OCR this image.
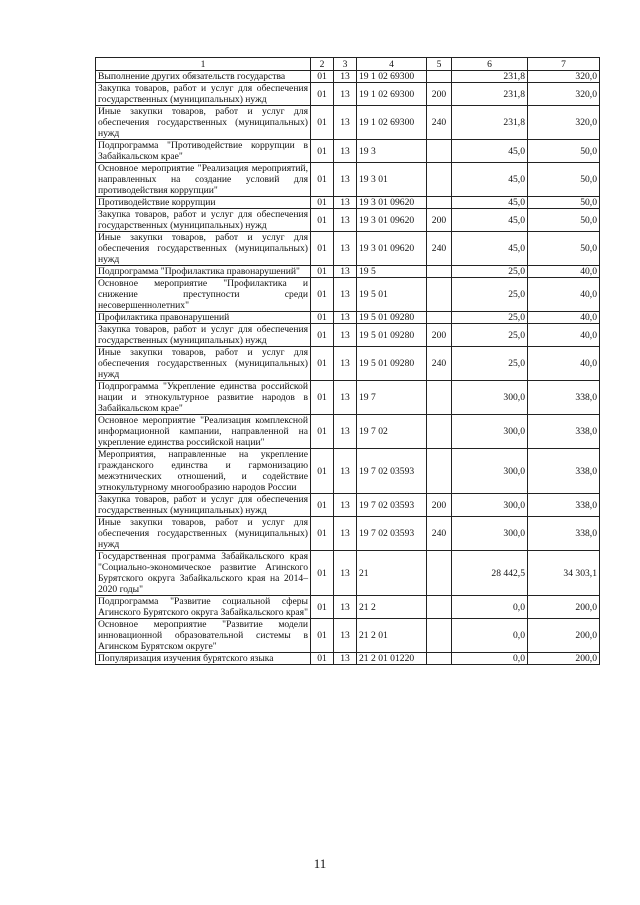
1	2	3	4	5	6	7
Выполнение других обязательств государства	01	13	19 1 02 69300		231,8	320,0
Закупка товаров, работ и услуг для обеспечения государственных (муниципальных) нужд	01	13	19 1 02 69300	200	231,8	320,0
Иные закупки товаров, работ и услуг для обеспечения государственных (муниципальных) нужд	01	13	19 1 02 69300	240	231,8	320,0
Подпрограмма "Противодействие коррупции в Забайкальском крае"	01	13	19 3		45,0	50,0
Основное мероприятие "Реализация мероприятий, направленных на создание условий для противодействия коррупции"	01	13	19 3 01		45,0	50,0
Противодействие коррупции	01	13	19 3 01 09620		45,0	50,0
Закупка товаров, работ и услуг для обеспечения государственных (муниципальных) нужд	01	13	19 3 01 09620	200	45,0	50,0
Иные закупки товаров, работ и услуг для обеспечения государственных (муниципальных) нужд	01	13	19 3 01 09620	240	45,0	50,0
Подпрограмма "Профилактика правонарушений"	01	13	19 5		25,0	40,0
Основное мероприятие "Профилактика и снижение преступности среди несовершеннолетних"	01	13	19 5 01		25,0	40,0
Профилактика правонарушений	01	13	19 5 01 09280		25,0	40,0
Закупка товаров, работ и услуг для обеспечения государственных (муниципальных) нужд	01	13	19 5 01 09280	200	25,0	40,0
Иные закупки товаров, работ и услуг для обеспечения государственных (муниципальных) нужд	01	13	19 5 01 09280	240	25,0	40,0
Подпрограмма "Укрепление единства российской нации и этнокультурное развитие народов в Забайкальском крае"	01	13	19 7		300,0	338,0
Основное мероприятие "Реализация комплексной информационной кампании, направленной на укрепление единства российской нации"	01	13	19 7 02		300,0	338,0
Мероприятия, направленные на укрепление гражданского единства и гармонизацию межэтнических отношений, и содействие этнокультурному многообразию народов России	01	13	19 7 02 03593		300,0	338,0
Закупка товаров, работ и услуг для обеспечения государственных (муниципальных) нужд	01	13	19 7 02 03593	200	300,0	338,0
Иные закупки товаров, работ и услуг для обеспечения государственных (муниципальных) нужд	01	13	19 7 02 03593	240	300,0	338,0
Государственная программа Забайкальского края "Социально-экономическое развитие Агинского Бурятского округа Забайкальского края на 2014–2020 годы"	01	13	21		28 442,5	34 303,1
Подпрограмма "Развитие социальной сферы Агинского Бурятского округа Забайкальского края"	01	13	21 2		0,0	200,0
Основное мероприятие "Развитие модели инновационной образовательной системы в Агинском Бурятском округе"	01	13	21 2 01		0,0	200,0
Популяризация изучения бурятского языка	01	13	21 2 01 01220		0,0	200,0
11
